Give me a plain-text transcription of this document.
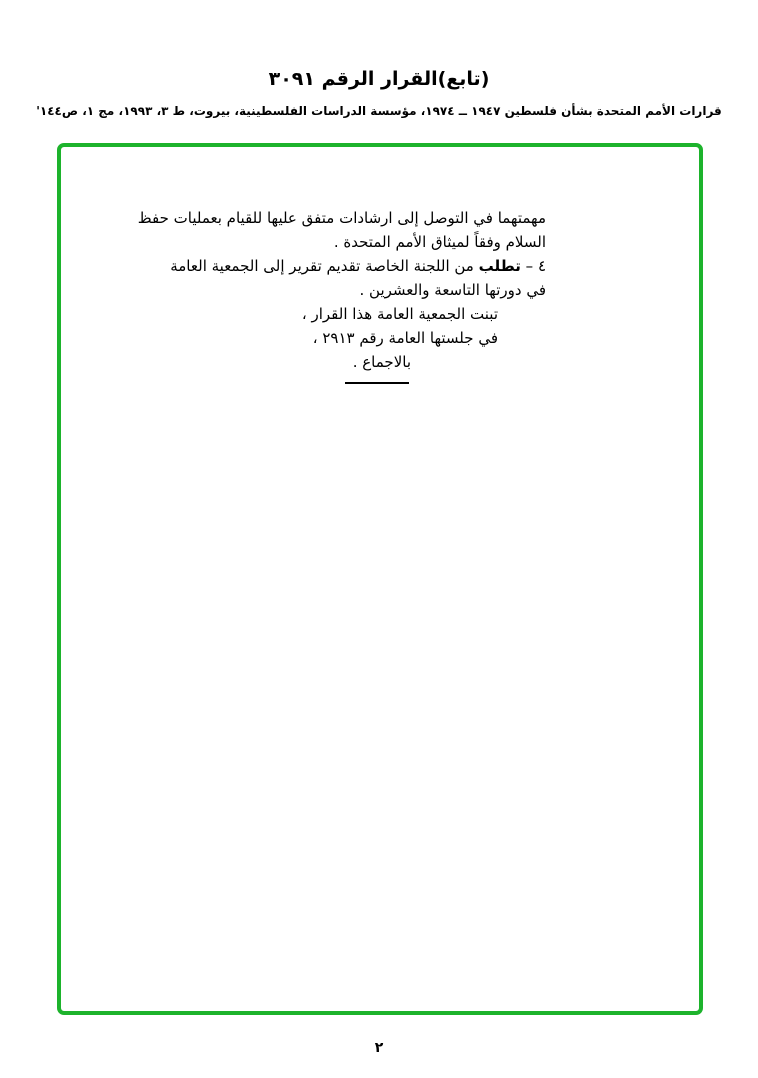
(تابع)القرار الرقم ٣٠٩١
قرارات الأمم المتحدة بشأن فلسطين ١٩٤٧ ــ ١٩٧٤، مؤسسة الدراسات الفلسطينية، بيروت، ط ٣، ١٩٩٣، مج ١، ص١٤٤'
مهمتهما في التوصل إلى ارشادات متفق عليها للقيام بعمليات حفظ
السلام وفقاً لميثاق الأمم المتحدة .
٤ – تطلب من اللجنة الخاصة تقديم تقرير إلى الجمعية العامة
في دورتها التاسعة والعشرين .
تبنت الجمعية العامة هذا القرار ،
في جلستها العامة رقم ٢٩١٣ ،
بالاجماع .
٢
